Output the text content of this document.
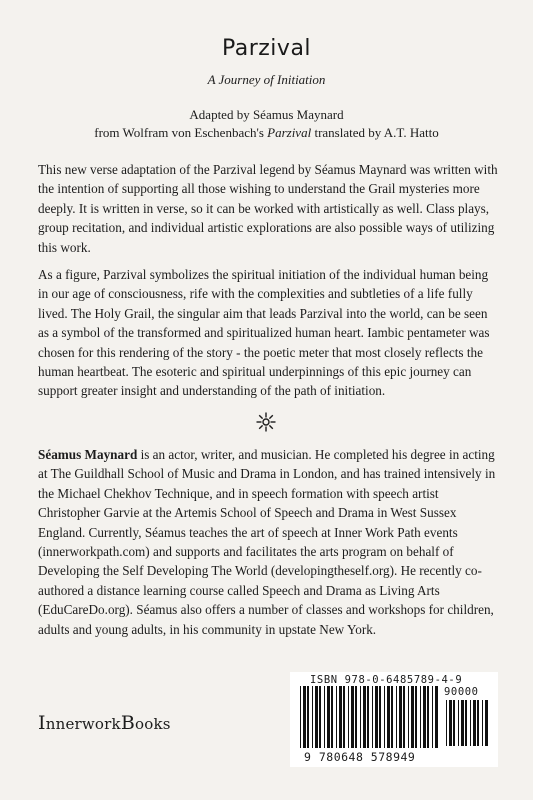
Parzival
A Journey of Initiation
Adapted by Séamus Maynard
from Wolfram von Eschenbach's Parzival translated by A.T. Hatto

This new verse adaptation of the Parzival legend by Séamus Maynard was written with the intention of supporting all those wishing to understand the Grail mysteries more deeply. It is written in verse, so it can be worked with artistically as well. Class plays, group recitation, and individual artistic explorations are also possible ways of utilizing this work.

As a figure, Parzival symbolizes the spiritual initiation of the individual human being in our age of consciousness, rife with the complexities and subtleties of a life fully lived. The Holy Grail, the singular aim that leads Parzival into the world, can be seen as a symbol of the transformed and spiritualized human heart. Iambic pentameter was chosen for this rendering of the story - the poetic meter that most closely reflects the human heartbeat. The esoteric and spiritual underpinnings of this epic journey can support greater insight and understanding of the path of initiation.

Séamus Maynard is an actor, writer, and musician. He completed his degree in acting at The Guildhall School of Music and Drama in London, and has trained intensively in the Michael Chekhov Technique, and in speech formation with speech artist Christopher Garvie at the Artemis School of Speech and Drama in West Sussex England. Currently, Séamus teaches the art of speech at Inner Work Path events (innerworkpath.com) and supports and facilitates the arts program on behalf of Developing the Self Developing The World (developingtheself.org). He recently co-authored a distance learning course called Speech and Drama as Living Arts (EduCareDo.org). Séamus also offers a number of classes and workshops for children, adults and young adults, in his community in upstate New York.

InnerworkBooks
ISBN 978-0-6485789-4-9
90000
9 780648 578949
